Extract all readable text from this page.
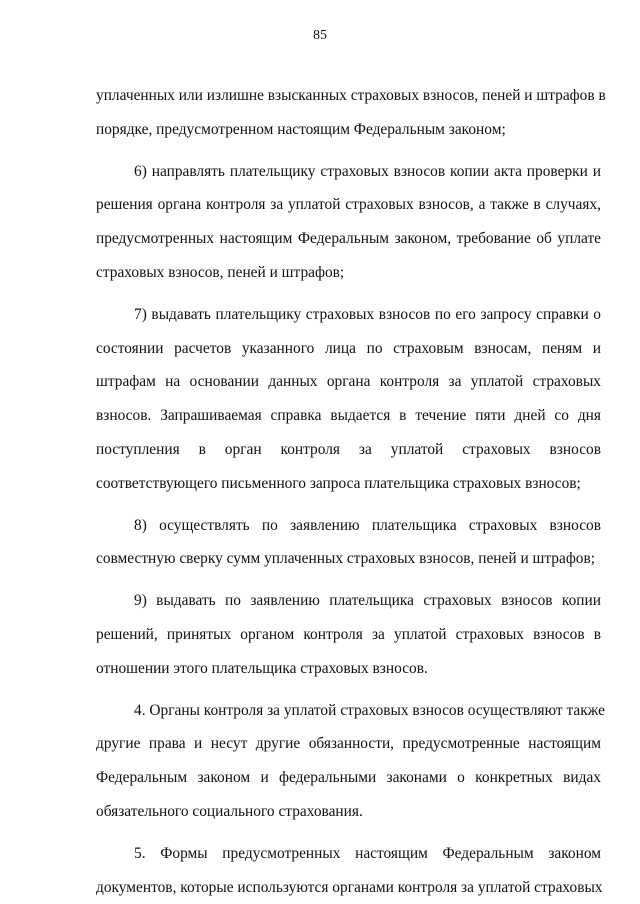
85
уплаченных или излишне взысканных страховых взносов, пеней и штрафов в
порядке, предусмотренном настоящим Федеральным законом;
6) направлять плательщику страховых взносов копии акта проверки и
решения органа контроля за уплатой страховых взносов, а также в случаях,
предусмотренных настоящим Федеральным законом, требование об уплате
страховых взносов, пеней и штрафов;
7) выдавать плательщику страховых взносов по его запросу справки о
состоянии расчетов указанного лица по страховым взносам, пеням и
штрафам на основании данных органа контроля за уплатой страховых
взносов. Запрашиваемая справка выдается в течение пяти дней со дня
поступления в орган контроля за уплатой страховых взносов
соответствующего письменного запроса плательщика страховых взносов;
8) осуществлять по заявлению плательщика страховых взносов
совместную сверку сумм уплаченных страховых взносов, пеней и штрафов;
9) выдавать по заявлению плательщика страховых взносов копии
решений, принятых органом контроля за уплатой страховых взносов в
отношении этого плательщика страховых взносов.
4. Органы контроля за уплатой страховых взносов осуществляют также
другие права и несут другие обязанности, предусмотренные настоящим
Федеральным законом и федеральными законами о конкретных видах
обязательного социального страхования.
5. Формы предусмотренных настоящим Федеральным законом
документов, которые используются органами контроля за уплатой страховых
